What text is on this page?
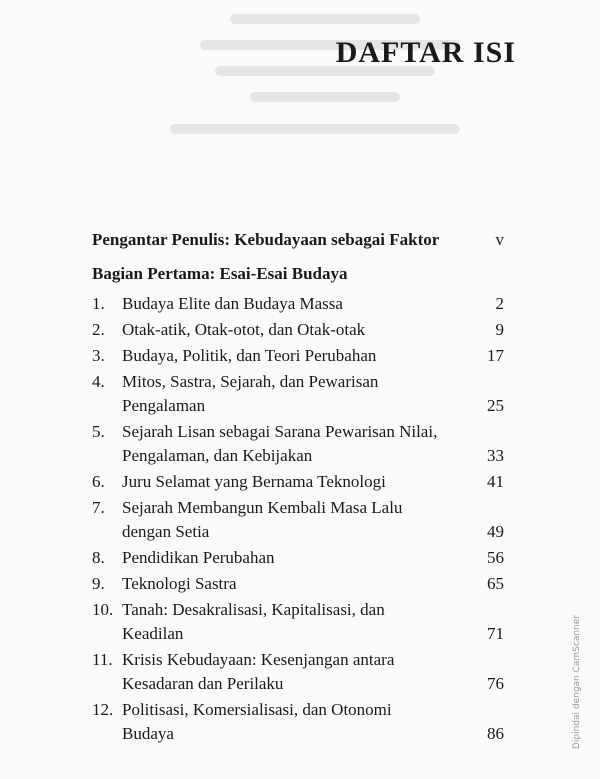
DAFTAR ISI
Pengantar Penulis: Kebudayaan sebagai Faktor	v
Bagian Pertama: Esai-Esai Budaya
1.	Budaya Elite dan Budaya Massa	2
2.	Otak-atik, Otak-otot, dan Otak-otak	9
3.	Budaya, Politik, dan Teori Perubahan	17
4.	Mitos, Sastra, Sejarah, dan Pewarisan
Pengalaman	25
5.	Sejarah Lisan sebagai Sarana Pewarisan Nilai,
Pengalaman, dan Kebijakan	33
6.	Juru Selamat yang Bernama Teknologi	41
7.	Sejarah Membangun Kembali Masa Lalu
dengan Setia	49
8.	Pendidikan Perubahan	56
9.	Teknologi Sastra	65
10. Tanah: Desakralisasi, Kapitalisasi, dan
Keadilan	71
11. Krisis Kebudayaan: Kesenjangan antara
Kesadaran dan Perilaku	76
12. Politisasi, Komersialisasi, dan Otonomi
Budaya	86	Dipindai dengan CamScanner
